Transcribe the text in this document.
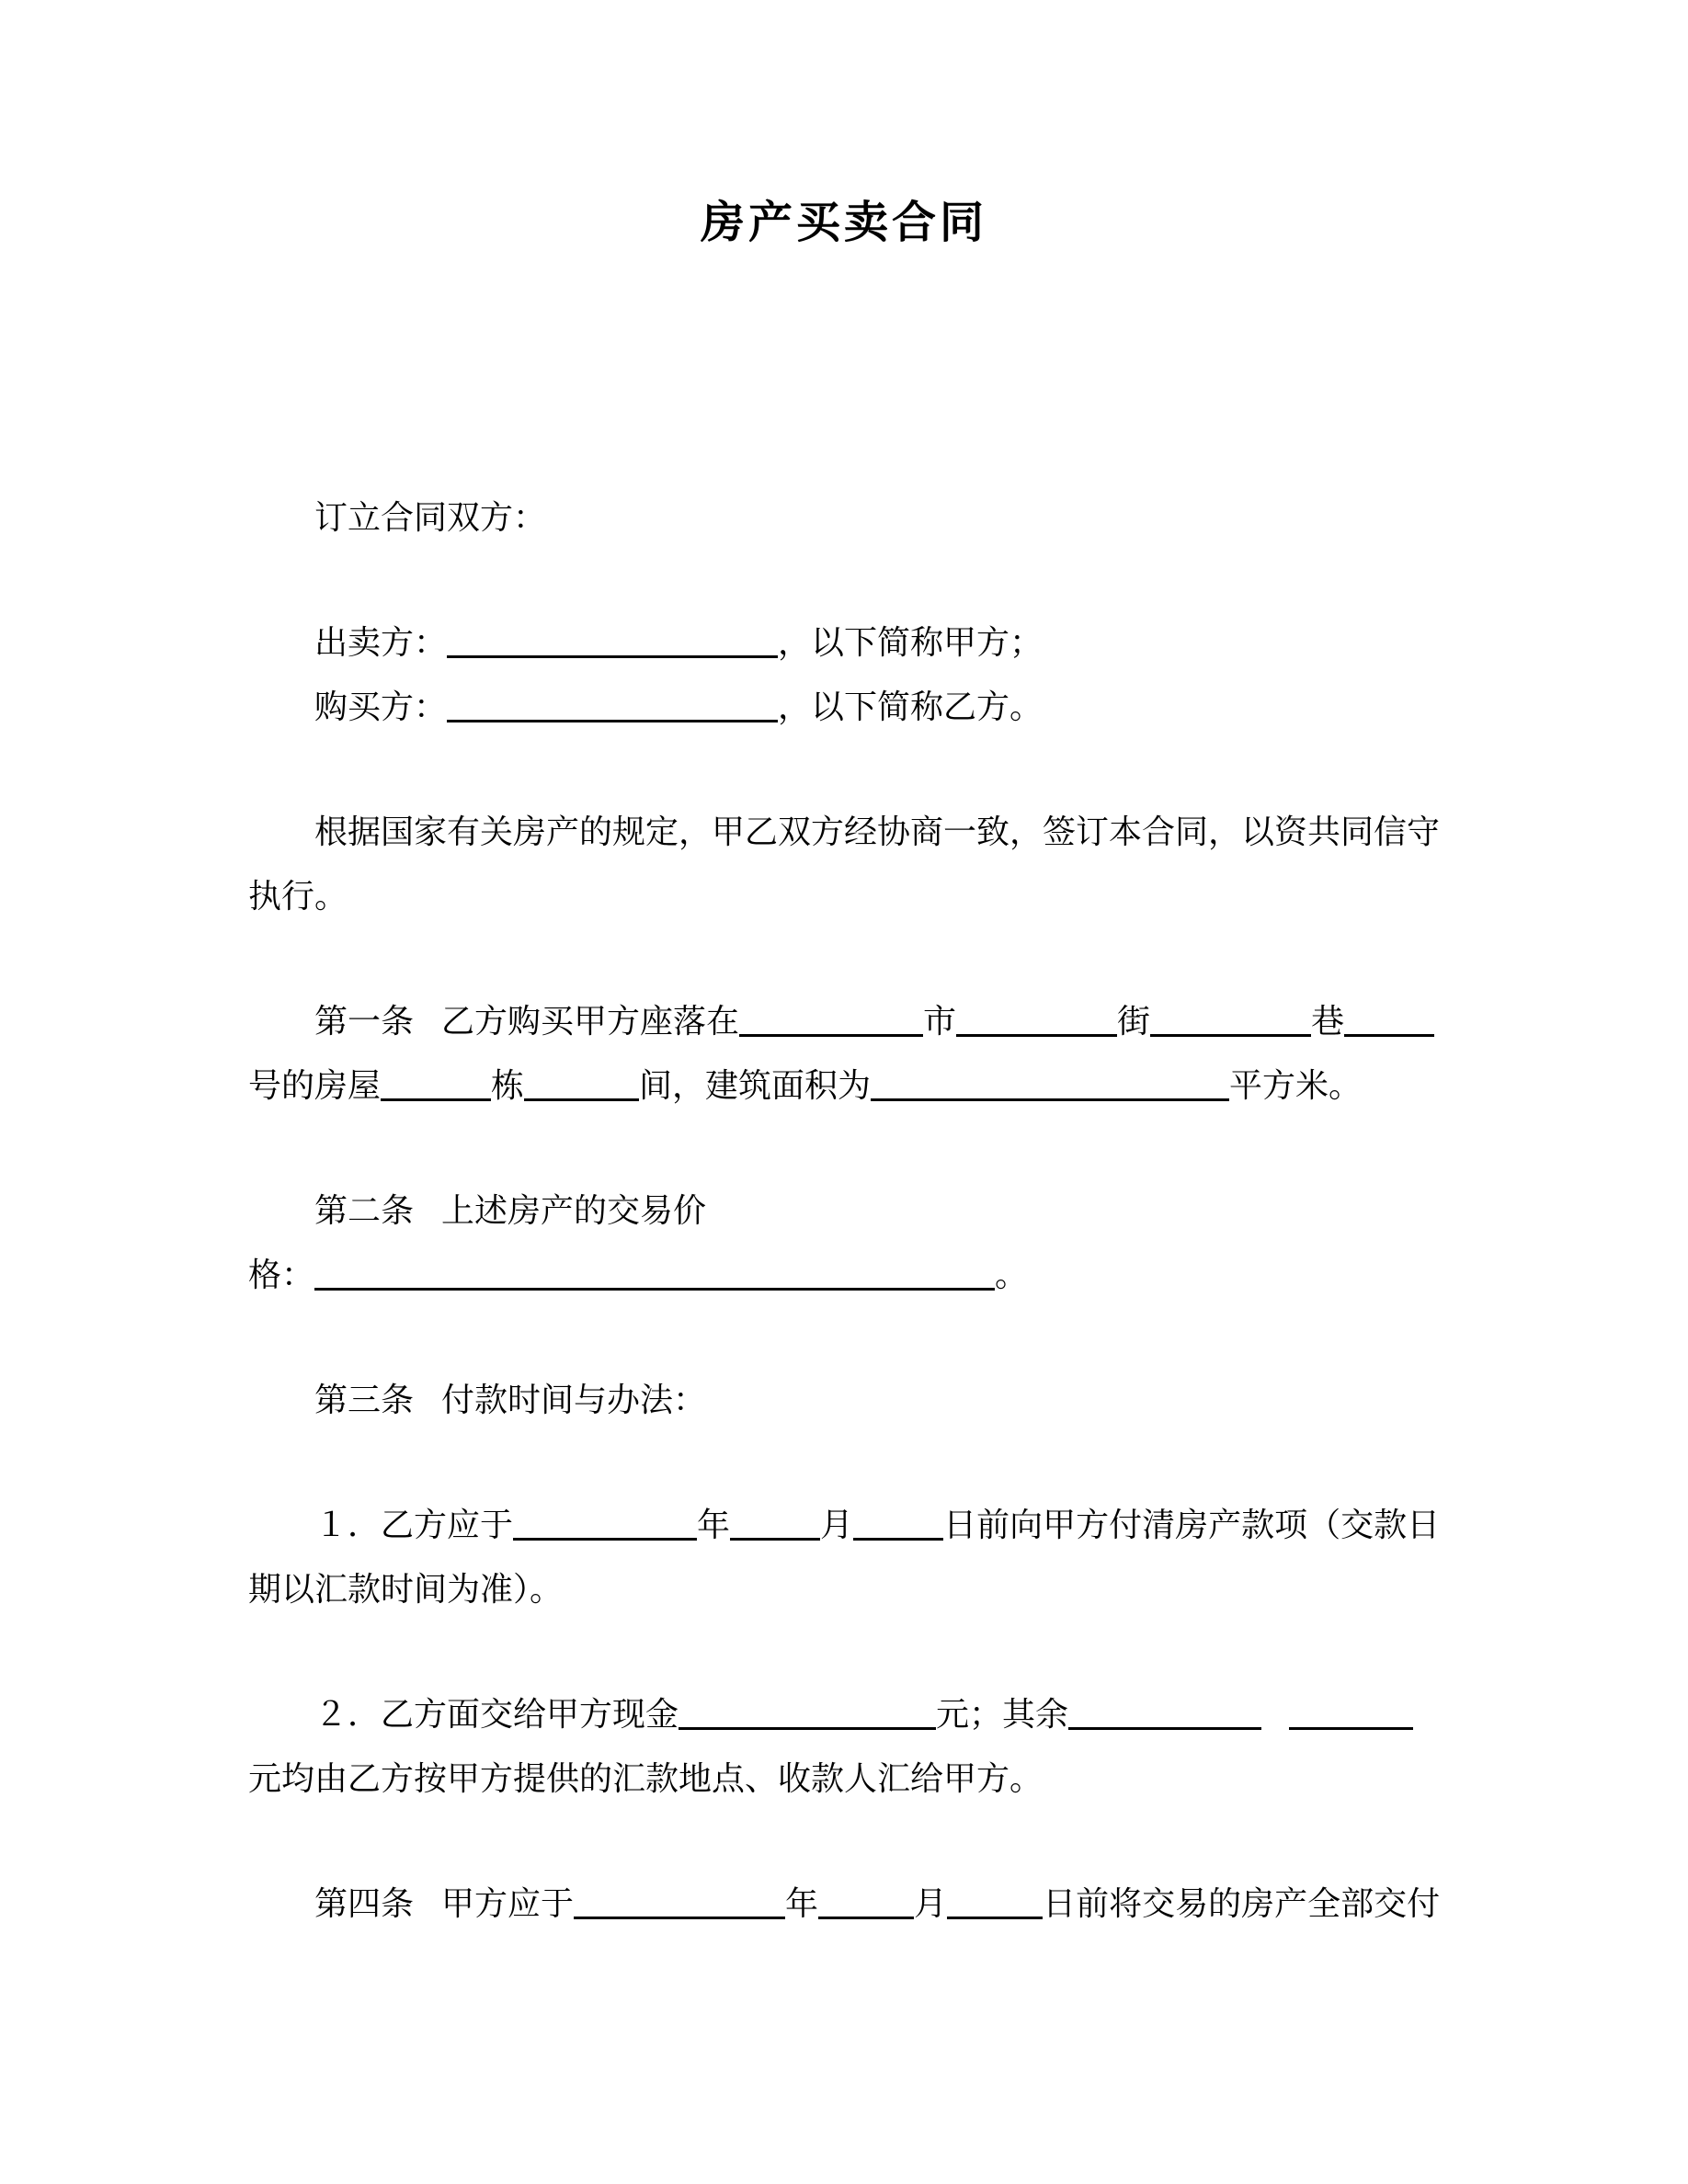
房产买卖合同
订立合同双方：
出卖方：	，以下简称甲方；
购买方：	，以下简称乙方。
根据国家有关房产的规定，甲乙双方经协商一致，签订本合同，以资共同信守
执行。
第一条 乙方购买甲方座落在	市	街	巷
号的房屋	栋	间，建筑面积为	平方米。
第二条 上述房产的交易价
格：	。
第三条 付款时间与办法：
１．乙方应于	年	月	日前向甲方付清房产款项（交款日
期以汇款时间为准）。
２．乙方面交给甲方现金	元；其余
元均由乙方按甲方提供的汇款地点、收款人汇给甲方。
第四条 甲方应于	年	月	日前将交易的房产全部交付
